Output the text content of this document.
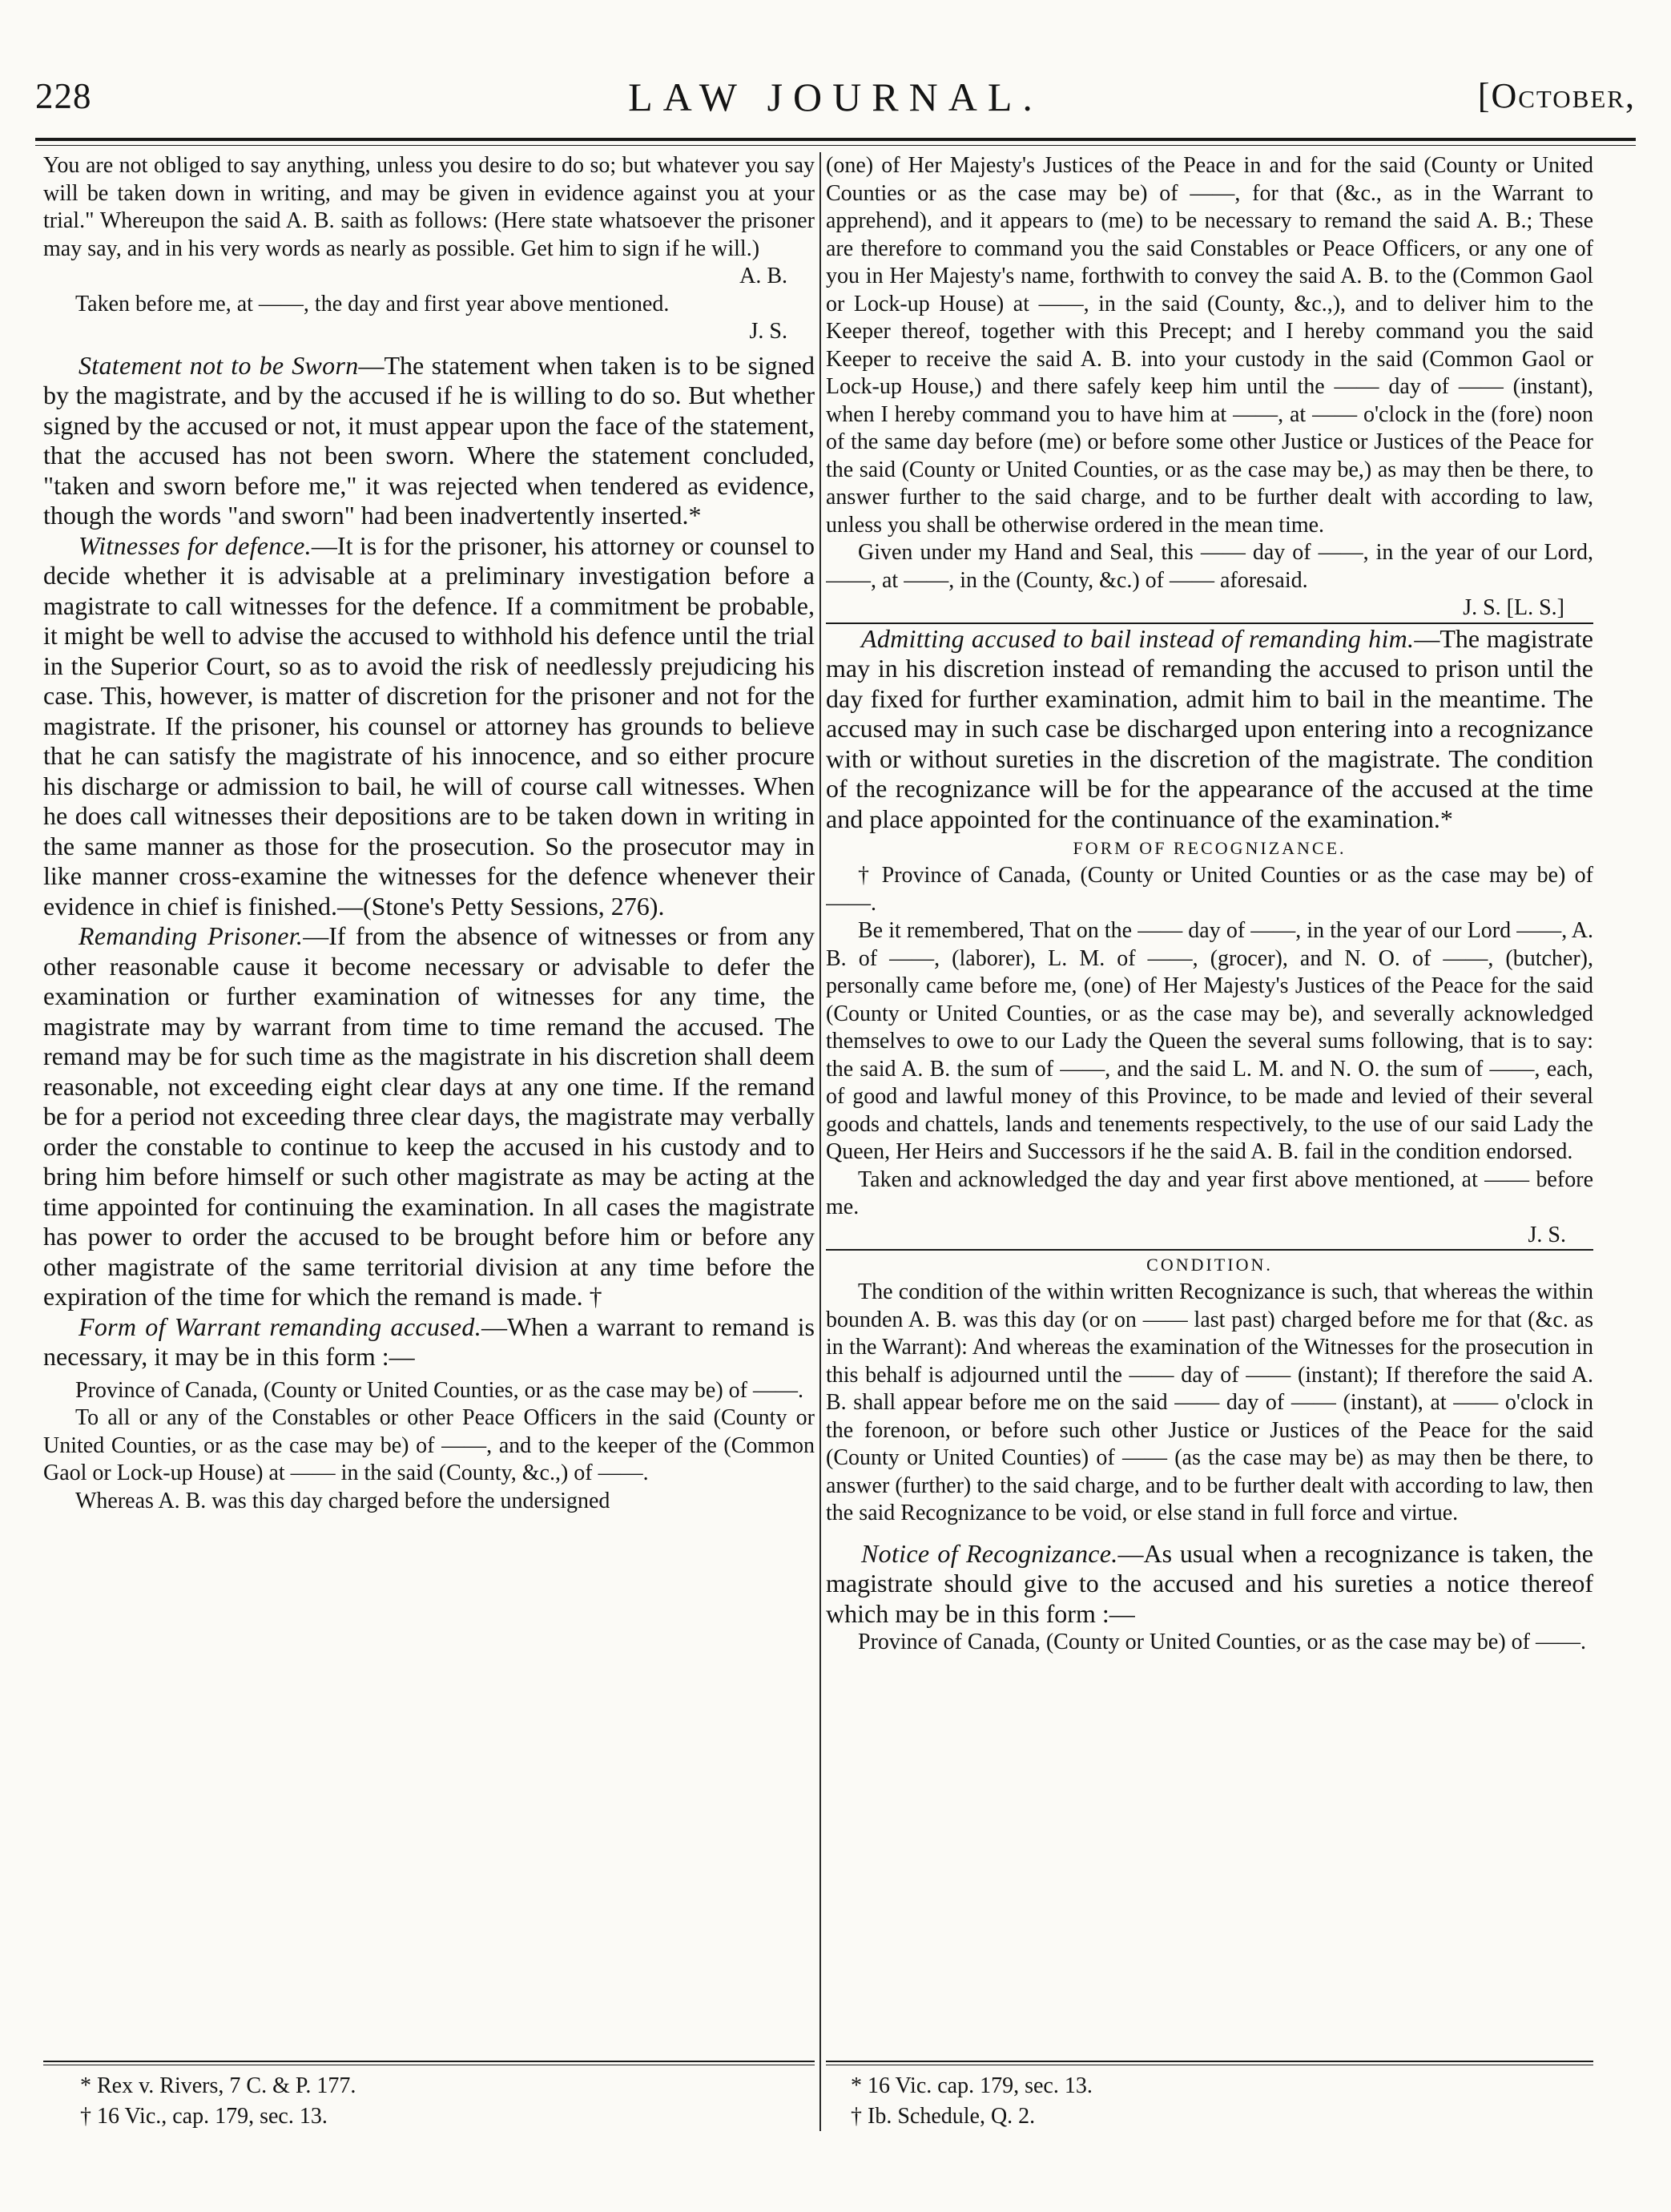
228	LAW JOURNAL.	[October,

You are not obliged to say anything, unless you desire to do so; but whatever you say will be taken down in writing, and may be given in evidence against you at your trial." Whereupon the said A. B. saith as follows: (Here state whatsoever the prisoner may say, and in his very words as nearly as possible. Get him to sign if he will.)

A. B.

Taken before me, at ——, the day and first year above mentioned.

J. S.

Statement not to be Sworn—The statement when taken is to be signed by the magistrate, and by the accused if he is willing to do so. But whether signed by the accused or not, it must appear upon the face of the statement, that the accused has not been sworn. Where the statement concluded, "taken and sworn before me," it was rejected when tendered as evidence, though the words "and sworn" had been inadvertently inserted.*

Witnesses for defence.—It is for the prisoner, his attorney or counsel to decide whether it is advisable at a preliminary investigation before a magistrate to call witnesses for the defence. If a commitment be probable, it might be well to advise the accused to withhold his defence until the trial in the Superior Court, so as to avoid the risk of needlessly prejudicing his case. This, however, is matter of discretion for the prisoner and not for the magistrate. If the prisoner, his counsel or attorney has grounds to believe that he can satisfy the magistrate of his innocence, and so either procure his discharge or admission to bail, he will of course call witnesses. When he does call witnesses their depositions are to be taken down in writing in the same manner as those for the prosecution. So the prosecutor may in like manner cross-examine the witnesses for the defence whenever their evidence in chief is finished.—(Stone's Petty Sessions, 276).

Remanding Prisoner.—If from the absence of witnesses or from any other reasonable cause it become necessary or advisable to defer the examination or further examination of witnesses for any time, the magistrate may by warrant from time to time remand the accused. The remand may be for such time as the magistrate in his discretion shall deem reasonable, not exceeding eight clear days at any one time. If the remand be for a period not exceeding three clear days, the magistrate may verbally order the constable to continue to keep the accused in his custody and to bring him before himself or such other magistrate as may be acting at the time appointed for continuing the examination. In all cases the magistrate has power to order the accused to be brought before him or before any other magistrate of the same territorial division at any time before the expiration of the time for which the remand is made. †

Form of Warrant remanding accused.—When a warrant to remand is necessary, it may be in this form :—

Province of Canada, (County or United Counties, or as the case may be) of ——.

To all or any of the Constables or other Peace Officers in the said (County or United Counties, or as the case may be) of ——, and to the keeper of the (Common Gaol or Lock-up House) at —— in the said (County, &c.,) of ——.

Whereas A. B. was this day charged before the undersigned

(one) of Her Majesty's Justices of the Peace in and for the said (County or United Counties or as the case may be) of ——, for that (&c., as in the Warrant to apprehend), and it appears to (me) to be necessary to remand the said A. B.; These are therefore to command you the said Constables or Peace Officers, or any one of you in Her Majesty's name, forthwith to convey the said A. B. to the (Common Gaol or Lock-up House) at ——, in the said (County, &c.,), and to deliver him to the Keeper thereof, together with this Precept; and I hereby command you the said Keeper to receive the said A. B. into your custody in the said (Common Gaol or Lock-up House,) and there safely keep him until the —— day of —— (instant), when I hereby command you to have him at ——, at —— o'clock in the (fore) noon of the same day before (me) or before some other Justice or Justices of the Peace for the said (County or United Counties, or as the case may be,) as may then be there, to answer further to the said charge, and to be further dealt with according to law, unless you shall be otherwise ordered in the mean time.

Given under my Hand and Seal, this —— day of ——, in the year of our Lord, ——, at ——, in the (County, &c.) of —— aforesaid.

J. S. [L. S.]

Admitting accused to bail instead of remanding him.—The magistrate may in his discretion instead of remanding the accused to prison until the day fixed for further examination, admit him to bail in the meantime. The accused may in such case be discharged upon entering into a recognizance with or without sureties in the discretion of the magistrate. The condition of the recognizance will be for the appearance of the accused at the time and place appointed for the continuance of the examination.*

FORM OF RECOGNIZANCE.

† Province of Canada, (County or United Counties or as the case may be) of ——.

Be it remembered, That on the —— day of ——, in the year of our Lord ——, A. B. of ——, (laborer), L. M. of ——, (grocer), and N. O. of ——, (butcher), personally came before me, (one) of Her Majesty's Justices of the Peace for the said (County or United Counties, or as the case may be), and severally acknowledged themselves to owe to our Lady the Queen the several sums following, that is to say: the said A. B. the sum of ——, and the said L. M. and N. O. the sum of ——, each, of good and lawful money of this Province, to be made and levied of their several goods and chattels, lands and tenements respectively, to the use of our said Lady the Queen, Her Heirs and Successors if he the said A. B. fail in the condition endorsed.

Taken and acknowledged the day and year first above mentioned, at —— before me.

J. S.

CONDITION.

The condition of the within written Recognizance is such, that whereas the within bounden A. B. was this day (or on —— last past) charged before me for that (&c. as in the Warrant): And whereas the examination of the Witnesses for the prosecution in this behalf is adjourned until the —— day of —— (instant); If therefore the said A. B. shall appear before me on the said —— day of —— (instant), at —— o'clock in the forenoon, or before such other Justice or Justices of the Peace for the said (County or United Counties) of —— (as the case may be) as may then be there, to answer (further) to the said charge, and to be further dealt with according to law, then the said Recognizance to be void, or else stand in full force and virtue.

Notice of Recognizance.—As usual when a recognizance is taken, the magistrate should give to the accused and his sureties a notice thereof which may be in this form :—

Province of Canada, (County or United Counties, or as the case may be) of ——.

* Rex v. Rivers, 7 C. & P. 177.

† 16 Vic., cap. 179, sec. 13.

* 16 Vic. cap. 179, sec. 13.

† Ib. Schedule, Q. 2.
